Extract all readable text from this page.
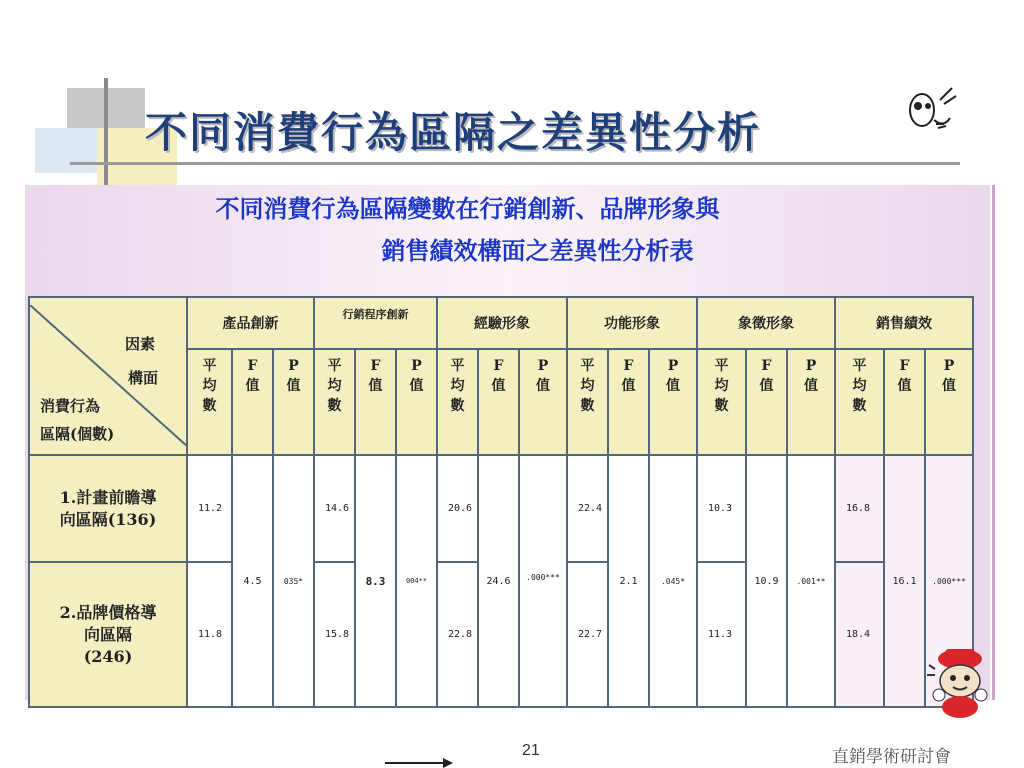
不同消費行為區隔之差異性分析
不同消費行為區隔變數在行銷創新、品牌形象與
銷售績效構面之差異性分析表
因素
構面
消費行為
區隔(個數)	產品創新			行銷程序創新			經驗形象			功能形象			象徵形象			銷售績效		

	平均數	F值	P值	平均數	F值	P值	平均數	F值	P值	平均數	F值	P值	平均數	F值	P值	平均數	F值	P值

1.計畫前瞻導
向區隔(136)	11.2	4.5	035*	14.6	8.3	004**	20.6	24.6	.000***	22.4	2.1	.045*	10.3	10.9	.001**	16.8	16.1	.000***

2.品牌價格導
向區隔
(246)	11.8			15.8			22.8			22.7			11.3			18.4		
21	直銷學術研討會
